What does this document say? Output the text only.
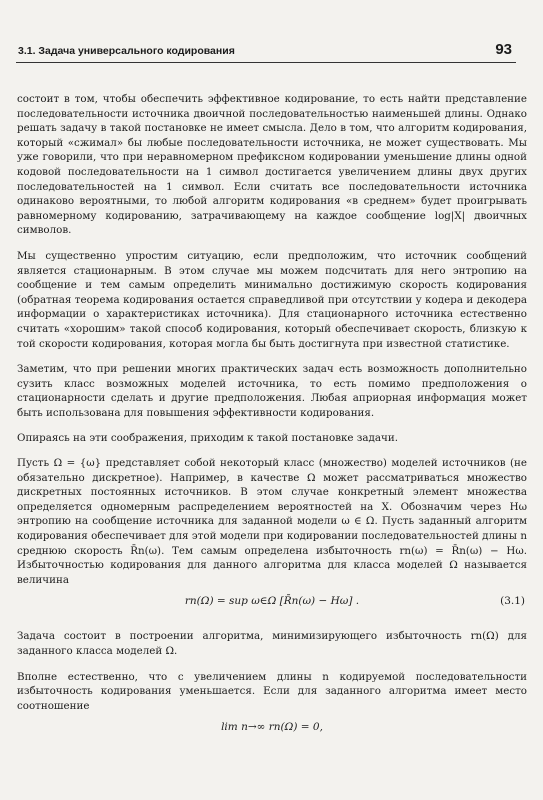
3.1. Задача универсального кодирования	93

состоит в том, чтобы обеспечить эффективное кодирование, то есть найти представление последовательности источника двоичной последовательностью наименьшей длины. Однако решать задачу в такой постановке не имеет смысла. Дело в том, что алгоритм кодирования, который «сжимал» бы любые последовательности источника, не может существовать. Мы уже говорили, что при неравномерном префиксном кодировании уменьшение длины одной кодовой последовательности на 1 символ достигается увеличением длины двух других последовательностей на 1 символ. Если считать все последовательности источника одинаково вероятными, то любой алгоритм кодирования «в среднем» будет проигрывать равномерному кодированию, затрачивающему на каждое сообщение log|X| двоичных символов.

Мы существенно упростим ситуацию, если предположим, что источник сообщений является стационарным. В этом случае мы можем подсчитать для него энтропию на сообщение и тем самым определить минимально достижимую скорость кодирования (обратная теорема кодирования остается справедливой при отсутствии у кодера и декодера информации о характеристиках источника). Для стационарного источника естественно считать «хорошим» такой способ кодирования, который обеспечивает скорость, близкую к той скорости кодирования, которая могла бы быть достигнута при известной статистике.

Заметим, что при решении многих практических задач есть возможность дополнительно сузить класс возможных моделей источника, то есть помимо предположения о стационарности сделать и другие предположения. Любая априорная информация может быть использована для повышения эффективности кодирования.

Опираясь на эти соображения, приходим к такой постановке задачи.

Пусть Ω = {ω} представляет собой некоторый класс (множество) моделей источников (не обязательно дискретное). Например, в качестве Ω может рассматриваться множество дискретных постоянных источников. В этом случае конкретный элемент множества определяется одномерным распределением вероятностей на X. Обозначим через Hω энтропию на сообщение источника для заданной модели ω ∈ Ω. Пусть заданный алгоритм кодирования обеспечивает для этой модели при кодировании последовательностей длины n среднюю скорость R̄n(ω). Тем самым определена избыточность rn(ω) = R̄n(ω) − Hω. Избыточностью кодирования для данного алгоритма для класса моделей Ω называется величина

rn(Ω) = sup ω∈Ω [R̄n(ω) − Hω] .	(3.1)

Задача состоит в построении алгоритма, минимизирующего избыточность rn(Ω) для заданного класса моделей Ω.

Вполне естественно, что с увеличением длины n кодируемой последовательности избыточность кодирования уменьшается. Если для заданного алгоритма имеет место соотношение

lim n→∞ rn(Ω) = 0,
